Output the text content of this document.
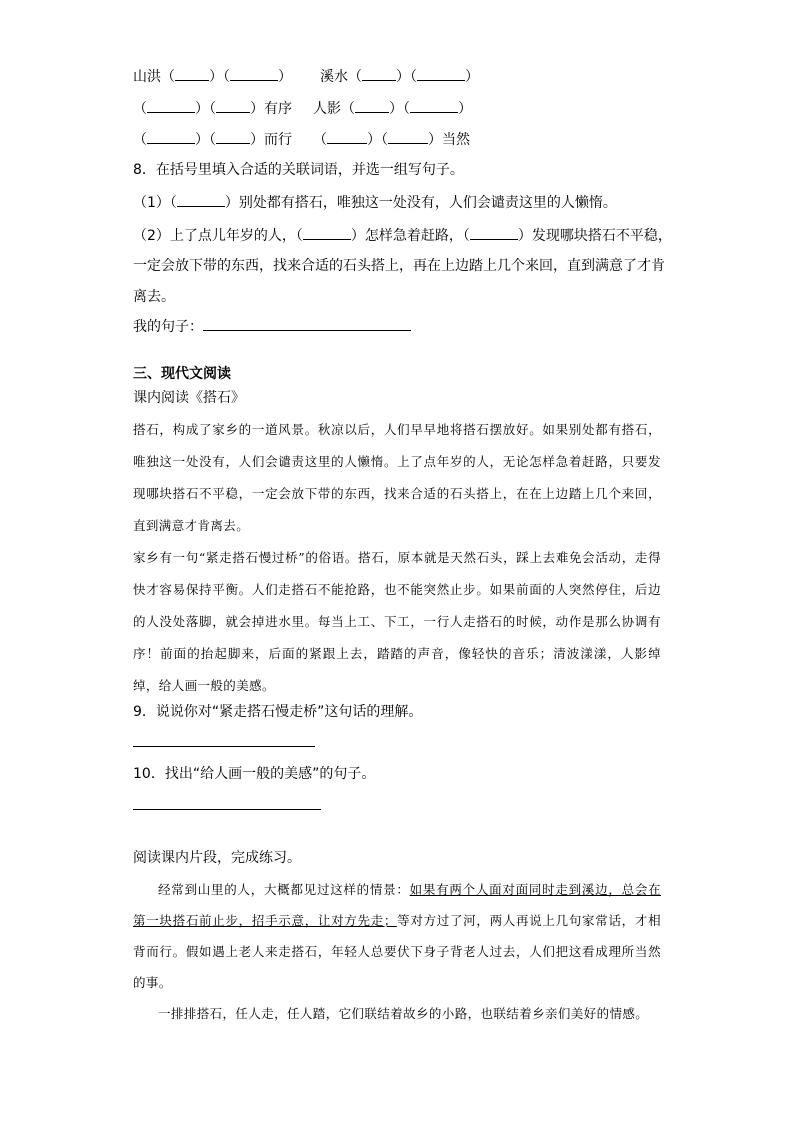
山洪（ ）（	） 溪水（ ）（	）
（	）（ ）有序 人影（ ）（	）
（	）（ ）而行 （	）（	）当然
8．在括号里填入合适的关联词语，并选一组写句子。
（1）（	）别处都有搭石，唯独这一处没有，人们会谴责这里的人懒惰。
（2）上了点儿年岁的人，（	）怎样急着赶路，（	）发现哪块搭石不平稳，
一定会放下带的东西，找来合适的石头搭上，再在上边踏上几个来回，直到满意了才肯
离去。
我的句子：
三、现代文阅读
课内阅读《搭石》

搭石，构成了家乡的一道风景。秋凉以后，人们早早地将搭石摆放好。如果别处都有搭石，唯独这一处没有，人们会谴责这里的人懒惰。上了点年岁的人，无论怎样急着赶路，只要发现哪块搭石不平稳，一定会放下带的东西，找来合适的石头搭上，在在上边踏上几个来回，直到满意才肯离去。

家乡有一句“紧走搭石慢过桥”的俗语。搭石，原本就是天然石头，踩上去难免会活动，走得快才容易保持平衡。人们走搭石不能抢路，也不能突然止步。如果前面的人突然停住，后边的人没处落脚，就会掉进水里。每当上工、下工，一行人走搭石的时候，动作是那么协调有序！前面的抬起脚来，后面的紧跟上去，踏踏的声音，像轻快的音乐；清波漾漾，人影绰绰，给人画一般的美感。

9．说说你对“紧走搭石慢走桥”这句话的理解。
10．找出“给人画一般的美感”的句子。
阅读课内片段，完成练习。

经常到山里的人，大概都见过这样的情景：如果有两个人面对面同时走到溪边，总会在第一块搭石前止步，招手示意，让对方先走；等对方过了河，两人再说上几句家常话，才相背而行。假如遇上老人来走搭石，年轻人总要伏下身子背老人过去，人们把这看成理所当然的事。

一排排搭石，任人走，任人踏，它们联结着故乡的小路，也联结着乡亲们美好的情感。
